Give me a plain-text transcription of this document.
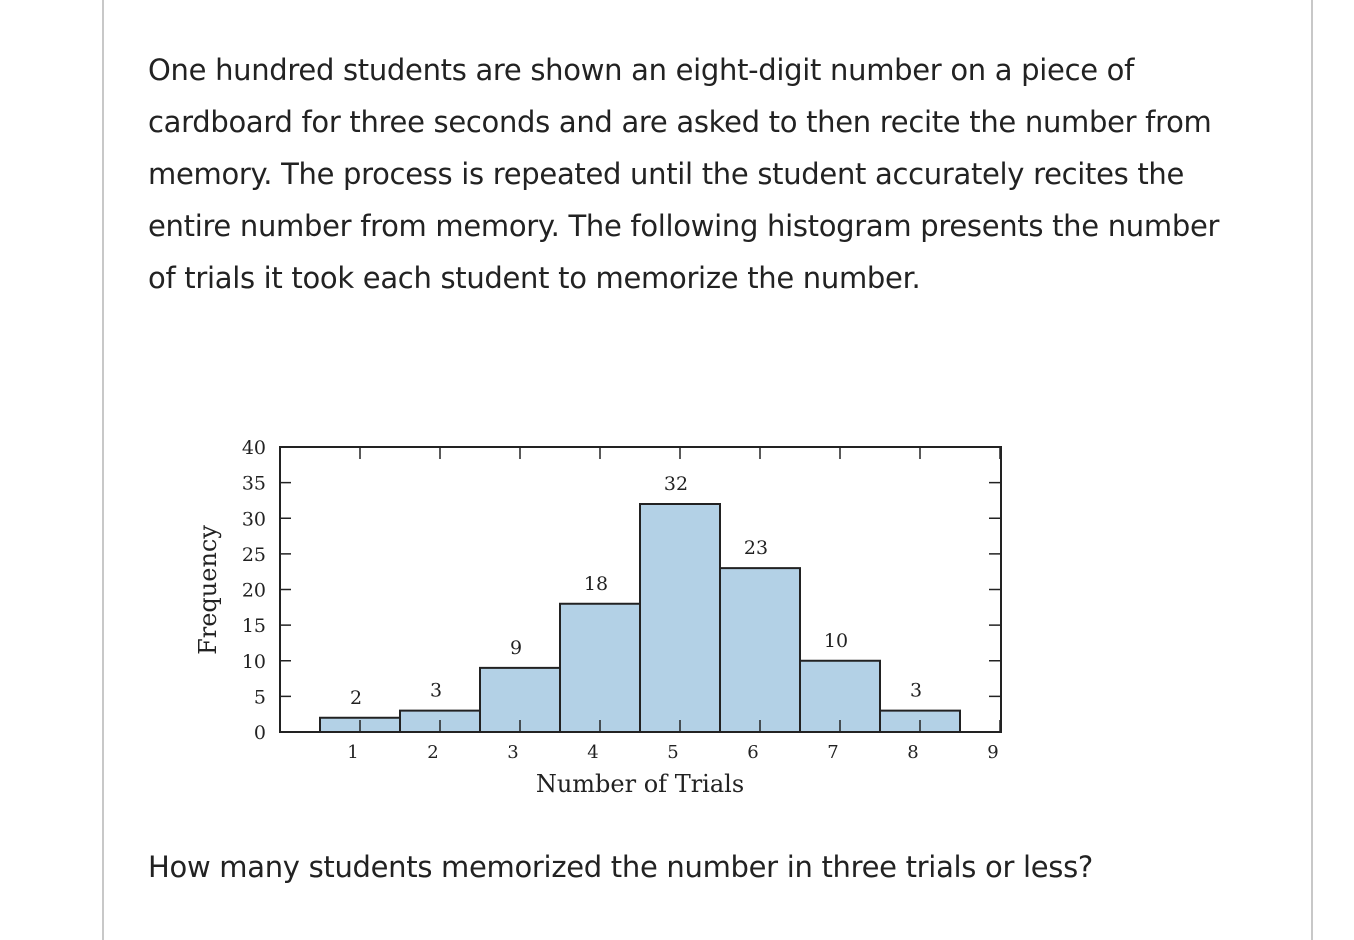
One hundred students are shown an eight-digit number on a piece of cardboard for three seconds and are asked to then recite the number from memory. The process is repeated until the student accurately recites the entire number from memory. The following histogram presents the number of trials it took each student to memorize the number.
2	3
9
18
32
23
10
3
1	2	3	4	5	6	7	8	9
0
5
10
15
20
25
30
35
40
Number of Trials
Frequency
How many students memorized the number in three trials or less?
